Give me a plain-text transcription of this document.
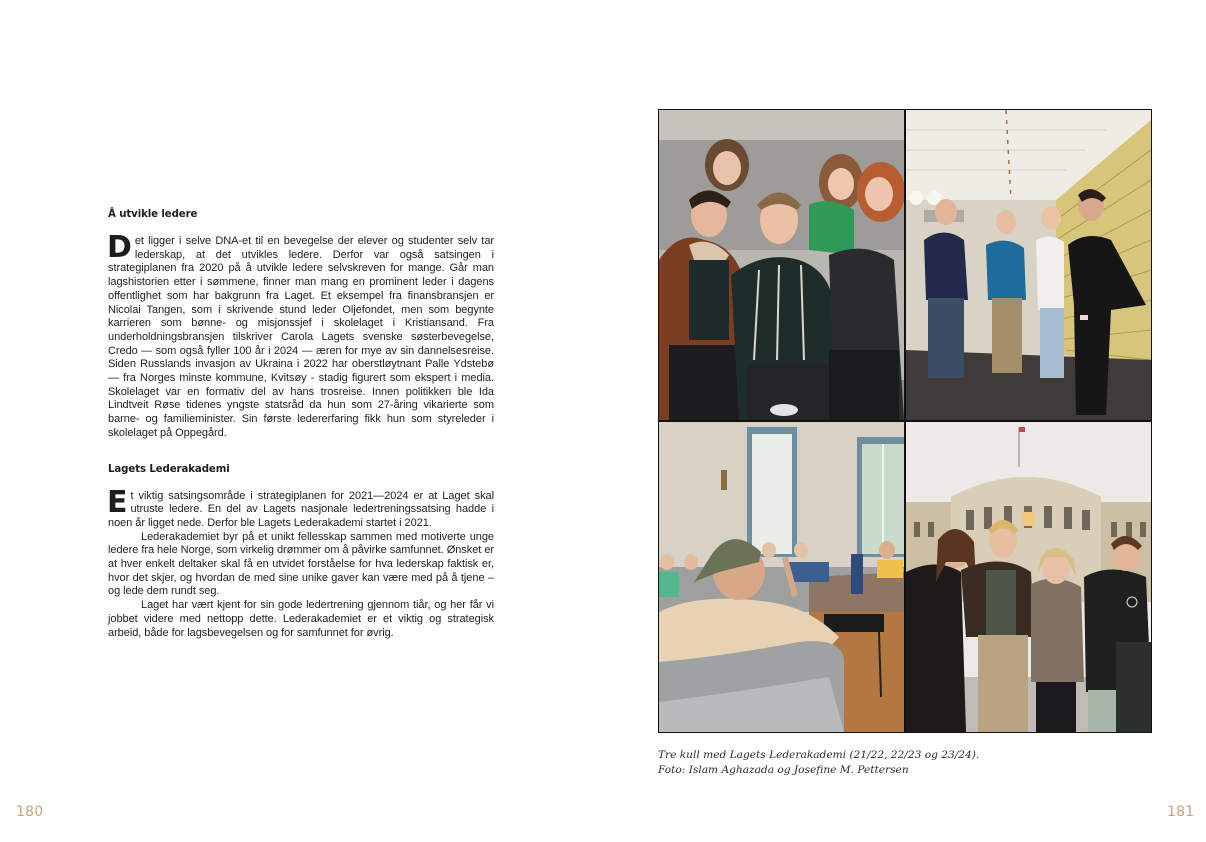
Å utvikle ledere

Det ligger i selve DNA-et til en bevegelse der elever og studenter selv tar lederskap, at det utvikles ledere. Derfor var også satsingen i strategiplanen fra 2020 på å utvikle ledere selvskreven for mange. Går man lagshistorien etter i sømmene, finner man mang en prominent leder i dagens offentlighet som har bakgrunn fra Laget. Et eksempel fra finansbransjen er Nicolai Tangen, som i skrivende stund leder Oljefondet, men som begynte karrieren som bønne- og misjonssjef i skolelaget i Kristiansand. Fra underholdningsbransjen tilskriver Carola Lagets svenske søsterbevegelse, Credo — som også fyller 100 år i 2024 — æren for mye av sin dannelsesreise. Siden Russlands invasjon av Ukraina i 2022 har oberstløytnant Palle Ydstebø — fra Norges minste kommune, Kvitsøy - stadig figurert som ekspert i media. Skolelaget var en formativ del av hans trosreise. Innen politikken ble Ida Lindtveit Røse tidenes yngste statsråd da hun som 27-åring vikarierte som barne- og familieminister. Sin første ledererfaring fikk hun som styreleder i skolelaget på Oppegård.

Lagets Lederakademi

Et viktig satsingsområde i strategiplanen for 2021—2024 er at Laget skal utruste ledere. En del av Lagets nasjonale ledertreningssatsing hadde i noen år ligget nede. Derfor ble Lagets Lederakademi startet i 2021.

Lederakademiet byr på et unikt fellesskap sammen med motiverte unge ledere fra hele Norge, som virkelig drømmer om å påvirke samfunnet. Ønsket er at hver enkelt deltaker skal få en utvidet forståelse for hva lederskap faktisk er, hvor det skjer, og hvordan de med sine unike gaver kan være med på å tjene – og lede dem rundt seg.

Laget har vært kjent for sin gode ledertrening gjennom tiår, og her får vi jobbet videre med nettopp dette. Lederakademiet er et viktig og strategisk arbeid, både for lagsbevegelsen og for samfunnet for øvrig.

180
Tre kull med Lagets Lederakademi (21/22, 22/23 og 23/24).
Foto: Islam Aghazada og Josefine M. Pettersen
181
